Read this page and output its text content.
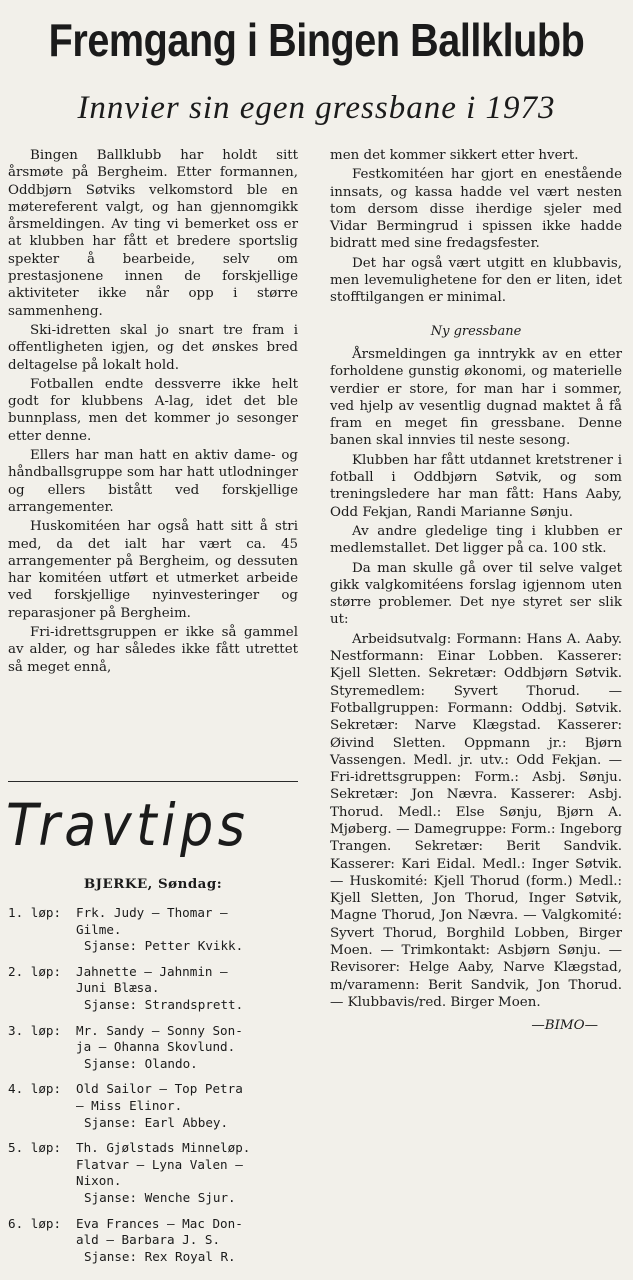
Fremgang i Bingen Ballklubb
Innvier sin egen gressbane i 1973

Bingen Ballklubb har holdt sitt årsmøte på Bergheim. Etter formannen, Oddbjørn Søtviks velkomstord ble en møtereferent valgt, og han gjennomgikk årsmeldingen. Av ting vi bemerket oss er at klubben har fått et bredere sportslig spekter å bearbeide, selv om prestasjonene innen de forskjellige aktiviteter ikke når opp i større sammenheng.

Ski-idretten skal jo snart tre fram i offentligheten igjen, og det ønskes bred deltagelse på lokalt hold.

Fotballen endte dessverre ikke helt godt for klubbens A-lag, idet det ble bunnplass, men det kommer jo sesonger etter denne.

Ellers har man hatt en aktiv dame- og håndballsgruppe som har hatt utlodninger og ellers bistått ved forskjellige arrangementer.

Huskomitéen har også hatt sitt å stri med, da det ialt har vært ca. 45 arrangementer på Bergheim, og dessuten har komitéen utført et utmerket arbeide ved forskjellige nyinvesteringer og reparasjoner på Bergheim.

Fri-idrettsgruppen er ikke så gammel av alder, og har således ikke fått utrettet så meget ennå,

men det kommer sikkert etter hvert.

Festkomitéen har gjort en enestående innsats, og kassa hadde vel vært nesten tom dersom disse iherdige sjeler med Vidar Bermingrud i spissen ikke hadde bidratt med sine fredagsfester.

Det har også vært utgitt en klubbavis, men levemulighetene for den er liten, idet stofftilgangen er minimal.

Ny gressbane

Årsmeldingen ga inntrykk av en etter forholdene gunstig økonomi, og materielle verdier er store, for man har i sommer, ved hjelp av vesentlig dugnad maktet å få fram en meget fin gressbane. Denne banen skal innvies til neste sesong.

Klubben har fått utdannet kretstrener i fotball i Oddbjørn Søtvik, og som treningsledere har man fått: Hans Aaby, Odd Fekjan, Randi Marianne Sønju.

Av andre gledelige ting i klubben er medlemstallet. Det ligger på ca. 100 stk.

Da man skulle gå over til selve valget gikk valgkomitéens forslag igjennom uten større problemer. Det nye styret ser slik ut:

Arbeidsutvalg: Formann: Hans A. Aaby. Nestformann: Einar Lobben. Kasserer: Kjell Sletten. Sekretær: Oddbjørn Søtvik. Styremedlem: Syvert Thorud. — Fotballgruppen: Formann: Oddbj. Søtvik. Sekretær: Narve Klægstad. Kasserer: Øivind Sletten. Oppmann jr.: Bjørn Vassengen. Medl. jr. utv.: Odd Fekjan. — Fri-idrettsgruppen: Form.: Asbj. Sønju. Sekretær: Jon Nævra. Kasserer: Asbj. Thorud. Medl.: Else Sønju, Bjørn A. Mjøberg. — Damegruppe: Form.: Ingeborg Trangen. Sekretær: Berit Sandvik. Kasserer: Kari Eidal. Medl.: Inger Søtvik. — Huskomité: Kjell Thorud (form.) Medl.: Kjell Sletten, Jon Thorud, Inger Søtvik, Magne Thorud, Jon Nævra. — Valgkomité: Syvert Thorud, Borghild Lobben, Birger Moen. — Trimkontakt: Asbjørn Sønju. — Revisorer: Helge Aaby, Narve Klægstad, m/varamenn: Berit Sandvik, Jon Thorud. — Klubbavis/red. Birger Moen.

—BIMO—

Travtips
BJERKE, Søndag:
1. løp:	Frk. Judy — Thomar —
Gilme.
Sjanse: Petter Kvikk.
2. løp:	Jahnette — Jahnmin —
Juni Blæsa.
Sjanse: Strandsprett.
3. løp:	Mr. Sandy — Sonny Son-
ja — Ohanna Skovlund.
Sjanse: Olando.
4. løp:	Old Sailor — Top Petra
— Miss Elinor.
Sjanse: Earl Abbey.
5. løp:	Th. Gjølstads Minneløp.
Flatvar — Lyna Valen —
Nixon.
Sjanse: Wenche Sjur.
6. løp:	Eva Frances — Mac Don-
ald — Barbara J. S.
Sjanse: Rex Royal R.
